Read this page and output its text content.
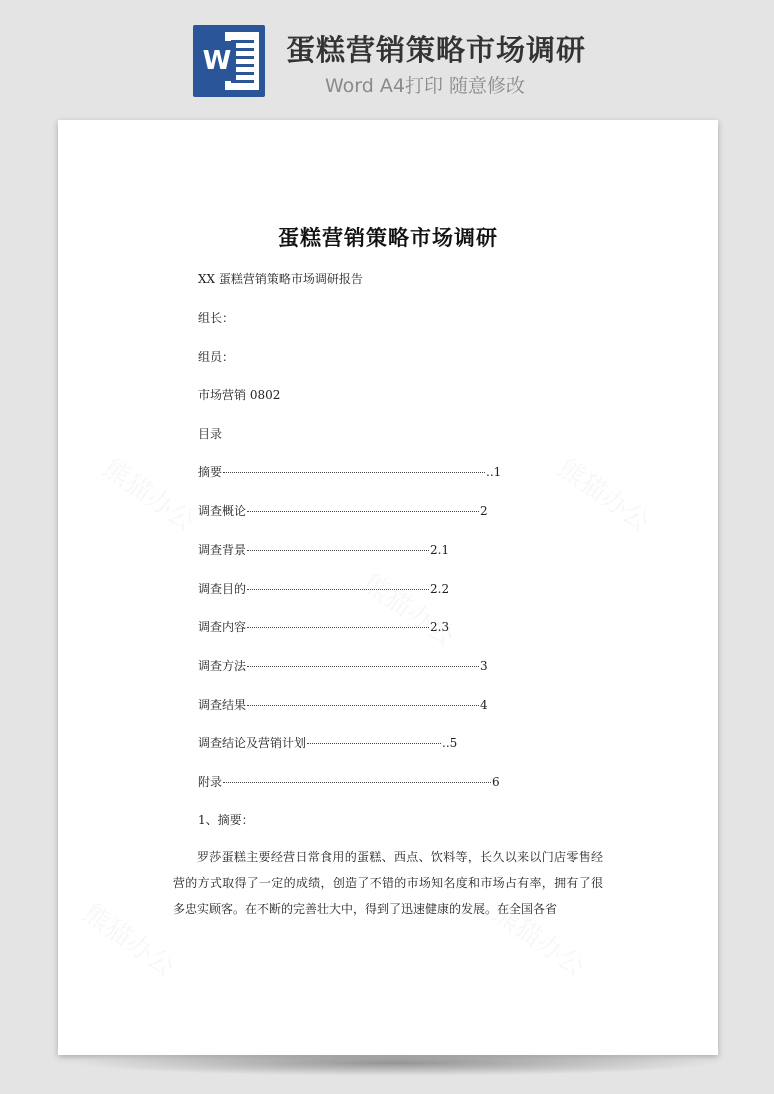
W 蛋糕营销策略市场调研
Word A4打印 随意修改
蛋糕营销策略市场调研
XX 蛋糕营销策略市场调研报告
组长：
组员：
市场营销 0802
目录
摘要	..1
调查概论	2
调查背景	2.1
调查目的	2.2
调查内容	2.3
调查方法	3
调查结果	4
调查结论及营销计划	..5
附录	6
1、摘要：
罗莎蛋糕主要经营日常食用的蛋糕、西点、饮料等，长久以来以门店零售经营的方式取得了一定的成绩，创造了不错的市场知名度和市场占有率，拥有了很多忠实顾客。在不断的完善壮大中，得到了迅速健康的发展。在全国各省
